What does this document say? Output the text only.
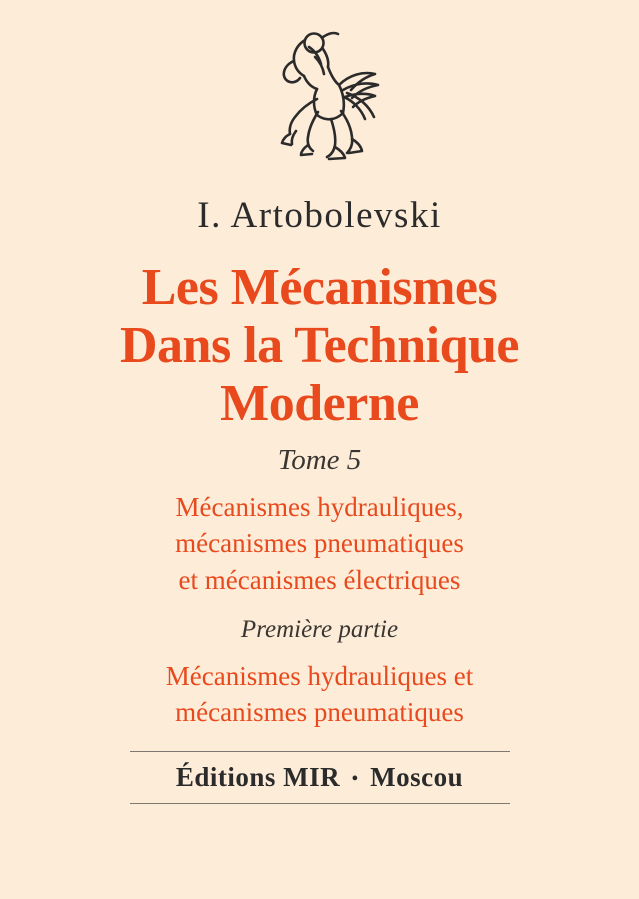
I. Artobolevski
Les Mécanismes
Dans la Technique
Moderne
Tome 5
Mécanismes hydrauliques,
mécanismes pneumatiques
et mécanismes électriques
Première partie
Mécanismes hydrauliques et
mécanismes pneumatiques
Éditions MIR • Moscou
